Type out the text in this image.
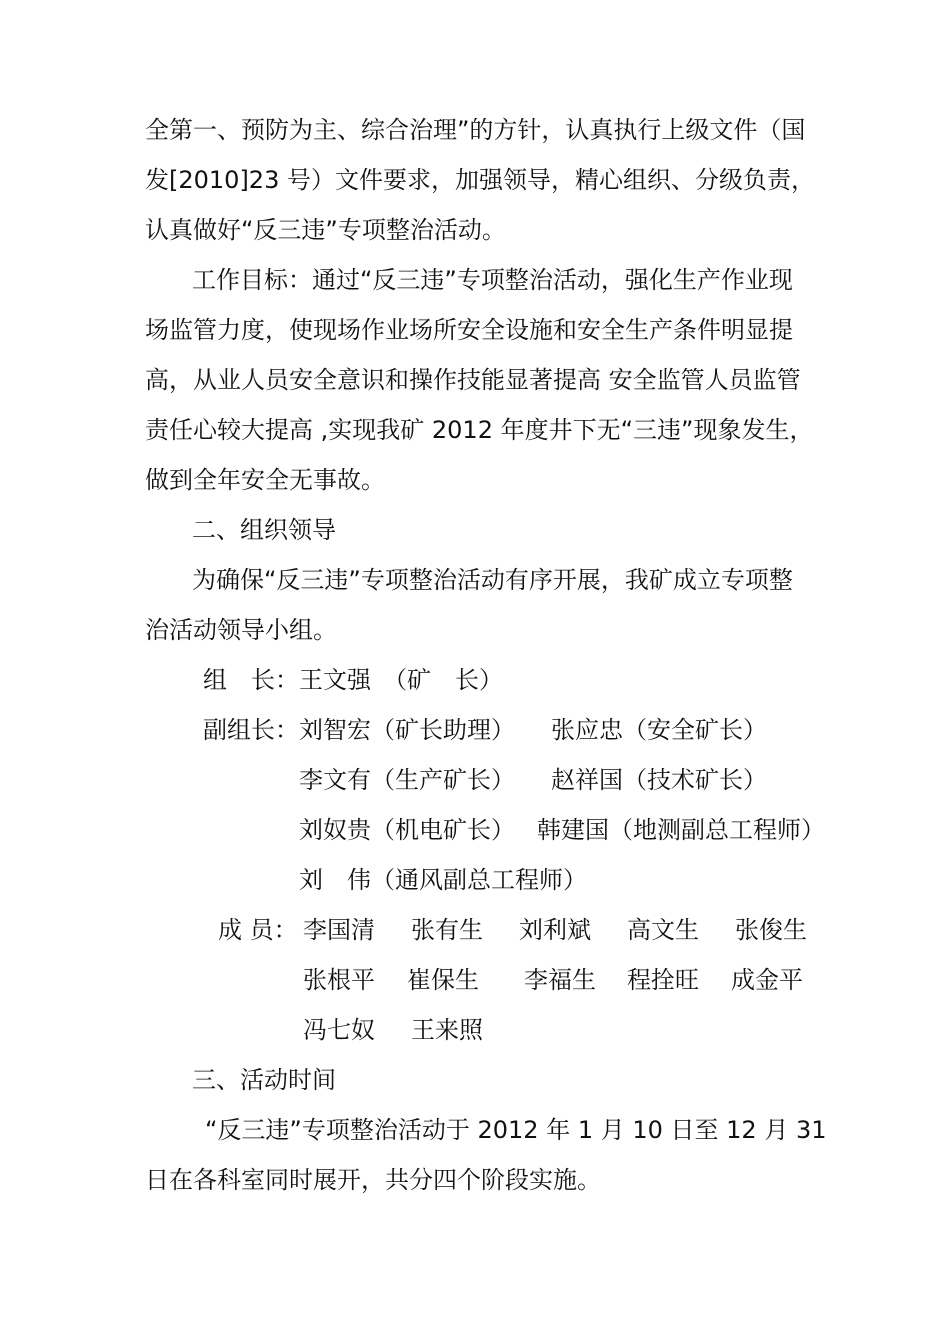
全第一、预防为主、综合治理”的方针，认真执行上级文件（国
发[2010]23 号）文件要求，加强领导，精心组织、分级负责，
认真做好“反三违”专项整治活动。
工作目标：通过“反三违”专项整治活动，强化生产作业现
场监管力度，使现场作业场所安全设施和安全生产条件明显提
高，从业人员安全意识和操作技能显著提高 安全监管人员监管
责任心较大提高 ,实现我矿 2012 年度井下无“三违”现象发生，
做到全年安全无事故。
二、组织领导
为确保“反三违”专项整治活动有序开展，我矿成立专项整
治活动领导小组。
组　长： 王文强　（矿　长）
副组长： 刘智宏（矿长助理） 张应忠（安全矿长）
李文有（生产矿长） 赵祥国（技术矿长）
刘奴贵（机电矿长） 韩建国（地测副总工程师）
刘　伟（通风副总工程师）
成 员： 李国清 张有生 刘利斌 高文生 张俊生
张根平 崔保生 李福生 程拴旺 成金平
冯七奴 王来照
三、活动时间
“反三违”专项整治活动于 2012 年 1 月 10 日至 12 月 31
日在各科室同时展开，共分四个阶段实施。
